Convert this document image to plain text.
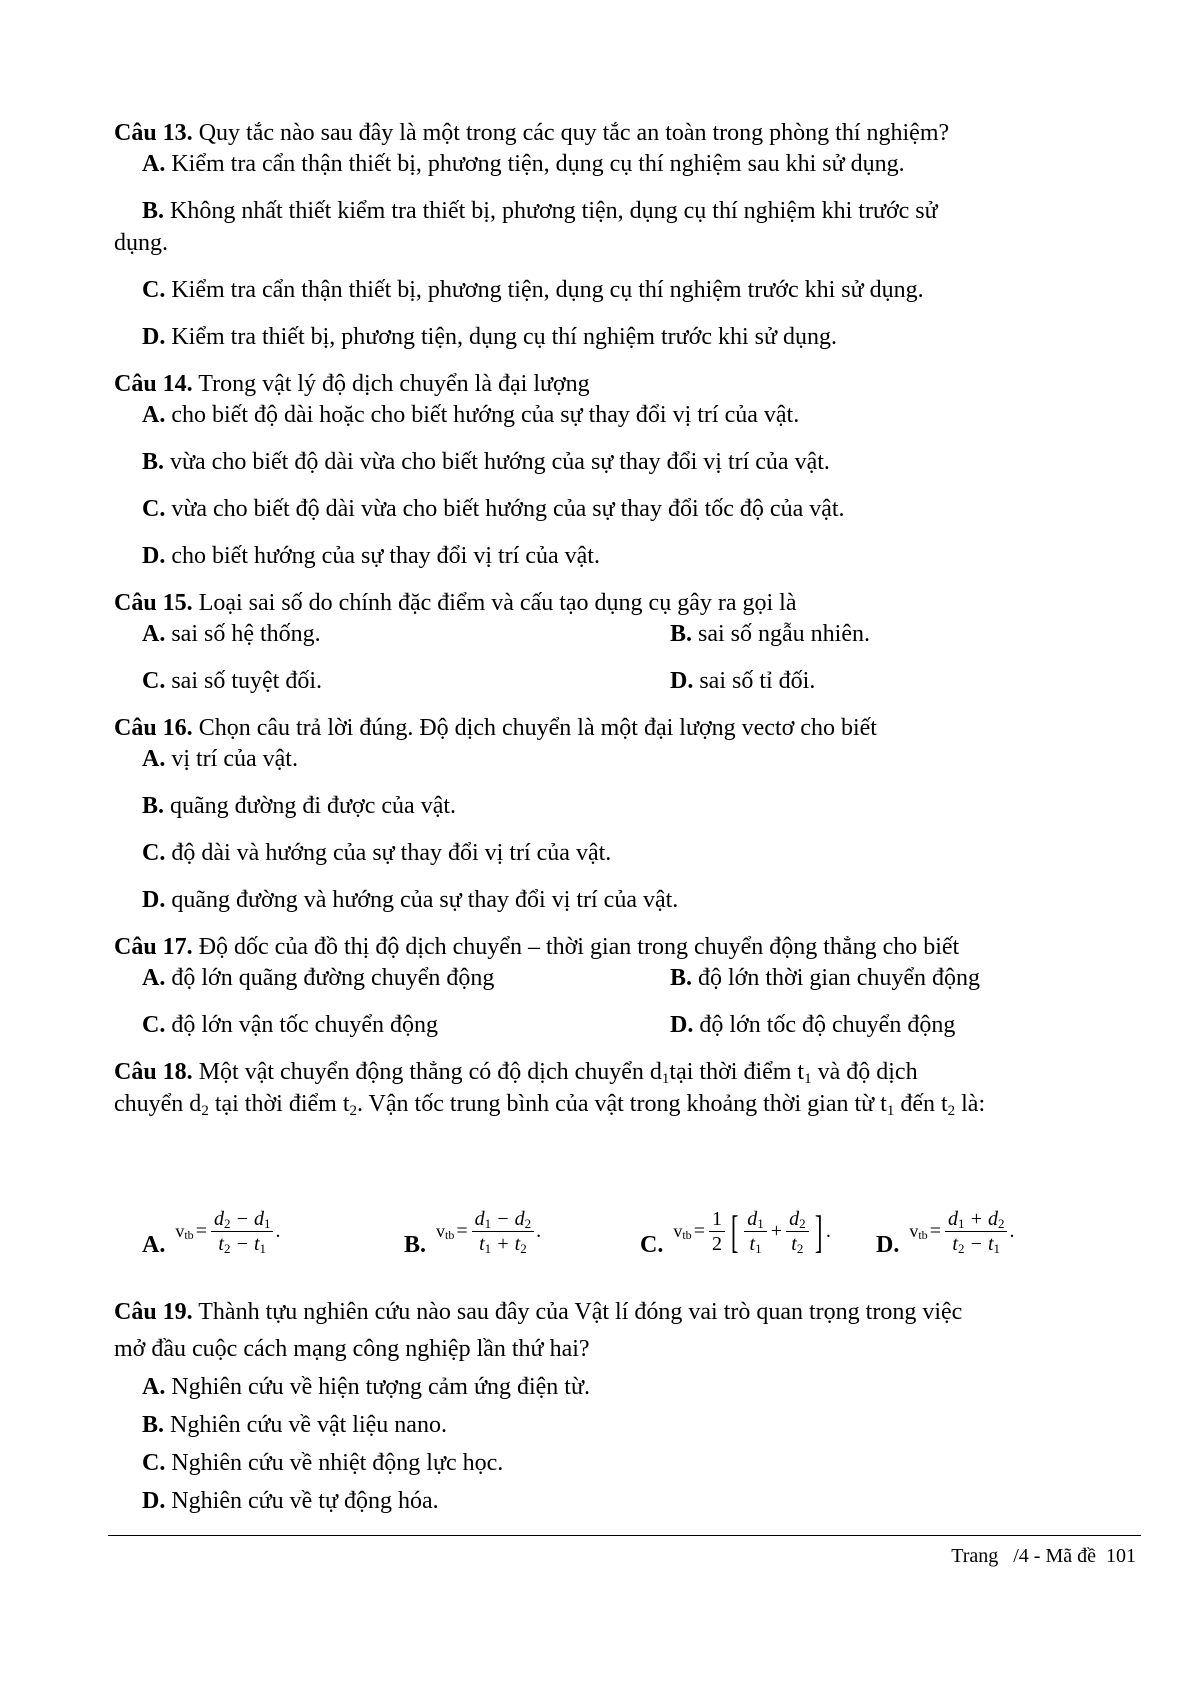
Câu 13. Quy tắc nào sau đây là một trong các quy tắc an toàn trong phòng thí nghiệm?
A. Kiểm tra cẩn thận thiết bị, phương tiện, dụng cụ thí nghiệm sau khi sử dụng.
B. Không nhất thiết kiểm tra thiết bị, phương tiện, dụng cụ thí nghiệm khi trước sử
dụng.
C. Kiểm tra cẩn thận thiết bị, phương tiện, dụng cụ thí nghiệm trước khi sử dụng.
D. Kiểm tra thiết bị, phương tiện, dụng cụ thí nghiệm trước khi sử dụng.
Câu 14. Trong vật lý độ dịch chuyển là đại lượng
A. cho biết độ dài hoặc cho biết hướng của sự thay đổi vị trí của vật.
B. vừa cho biết độ dài vừa cho biết hướng của sự thay đổi vị trí của vật.
C. vừa cho biết độ dài vừa cho biết hướng của sự thay đổi tốc độ của vật.
D. cho biết hướng của sự thay đổi vị trí của vật.
Câu 15. Loại sai số do chính đặc điểm và cấu tạo dụng cụ gây ra gọi là
A. sai số hệ thống.	B. sai số ngẫu nhiên.
C. sai số tuyệt đối.	D. sai số tỉ đối.
Câu 16. Chọn câu trả lời đúng. Độ dịch chuyển là một đại lượng vectơ cho biết
A. vị trí của vật.
B. quãng đường đi được của vật.
C. độ dài và hướng của sự thay đổi vị trí của vật.
D. quãng đường và hướng của sự thay đổi vị trí của vật.
Câu 17. Độ dốc của đồ thị độ dịch chuyển – thời gian trong chuyển động thẳng cho biết
A. độ lớn quãng đường chuyển động	B. độ lớn thời gian chuyển động
C. độ lớn vận tốc chuyển động	D. độ lớn tốc độ chuyển động
Câu 18. Một vật chuyển động thẳng có độ dịch chuyển $d_1tại$ thời điểm $t_1$ và độ dịch
chuyển $d_2$ tại thời điểm $t_2$. Vận tốc trung bình của vật trong khoảng thời gian từ $t_1$ đến $t_2$ là:
$A.v_{tb} = \frac{d_2 - d_1}{t_2 - t_1}$ .
$B.v_{tb} = \frac{d_1 - d_2}{t_1 + t_2}$ .
$C.v_{tb} = \frac{1}{2}$ [ $\frac{d_1}{t_1} + \frac{d_2}{t_2}$ ] .
$D.v_{tb} = \frac{d_1 + d_2}{t_2 - t_1}$ .
Câu 19. Thành tựu nghiên cứu nào sau đây của Vật lí đóng vai trò quan trọng trong việc
mở đầu cuộc cách mạng công nghiệp lần thứ hai?
A. Nghiên cứu về hiện tượng cảm ứng điện từ.
B. Nghiên cứu về vật liệu nano.
C. Nghiên cứu về nhiệt động lực học.
D. Nghiên cứu về tự động hóa.
Trang   /4 - Mã đề  101
